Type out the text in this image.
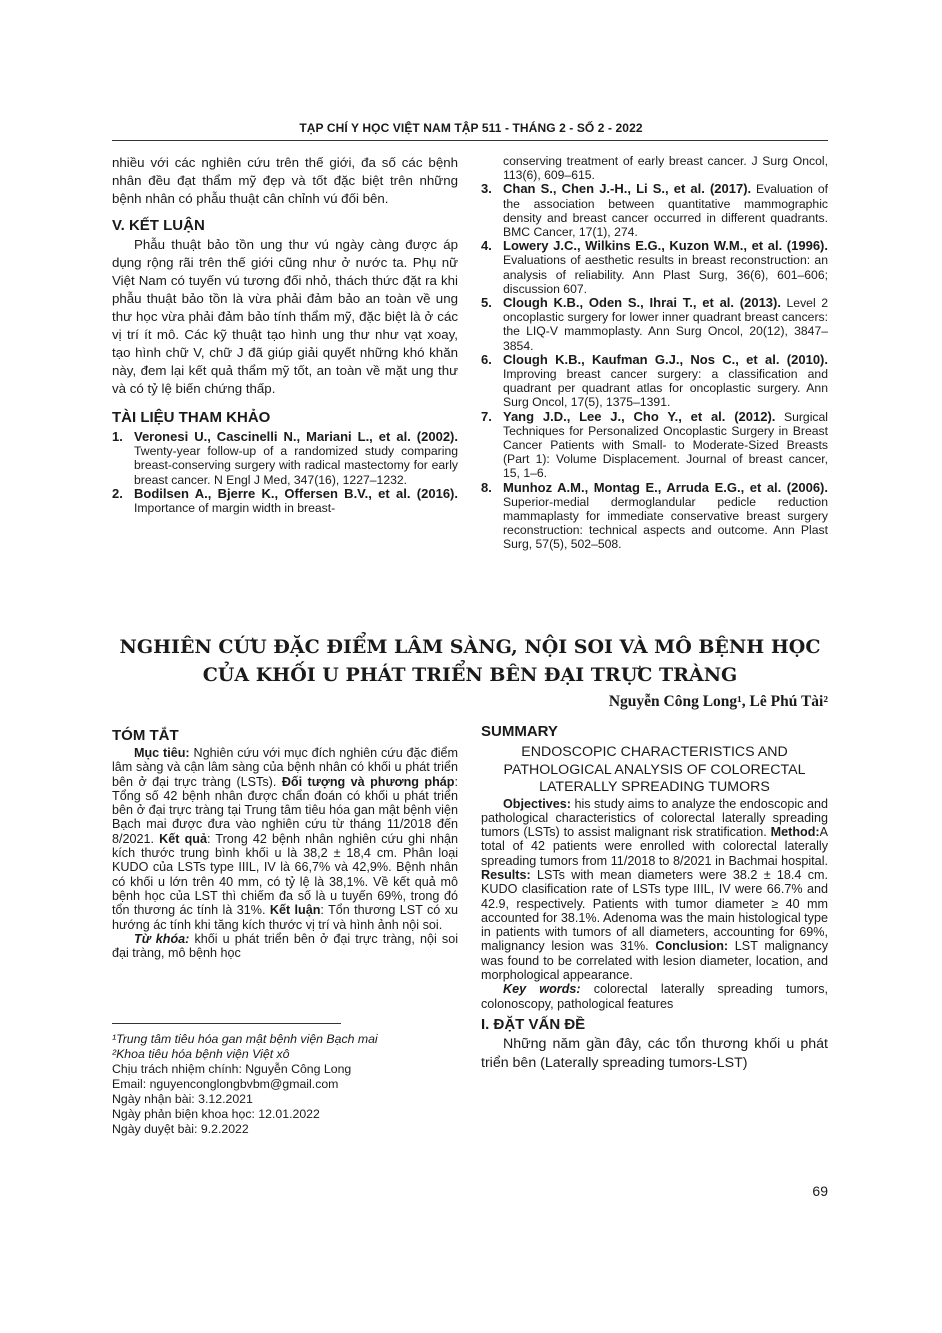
TẠP CHÍ Y HỌC VIỆT NAM TẬP 511 - THÁNG 2 - SỐ 2 - 2022

nhiều với các nghiên cứu trên thế giới, đa số các bệnh nhân đều đạt thẩm mỹ đẹp và tốt đặc biệt trên những bệnh nhân có phẫu thuật cân chỉnh vú đối bên.

V. KẾT LUẬN

Phẫu thuật bảo tồn ung thư vú ngày càng được áp dụng rộng rãi trên thế giới cũng như ở nước ta. Phụ nữ Việt Nam có tuyến vú tương đối nhỏ, thách thức đặt ra khi phẫu thuật bảo tồn là vừa phải đảm bảo an toàn về ung thư học vừa phải đảm bảo tính thẩm mỹ, đặc biệt là ở các vị trí ít mô. Các kỹ thuật tạo hình ung thư như vạt xoay, tạo hình chữ V, chữ J đã giúp giải quyết những khó khăn này, đem lại kết quả thẩm mỹ tốt, an toàn về mặt ung thư và có tỷ lệ biến chứng thấp.

TÀI LIỆU THAM KHẢO
1. Veronesi U., Cascinelli N., Mariani L., et al. (2002). Twenty-year follow-up of a randomized study comparing breast-conserving surgery with radical mastectomy for early breast cancer. N Engl J Med, 347(16), 1227–1232.
2. Bodilsen A., Bjerre K., Offersen B.V., et al. (2016). Importance of margin width in breast-
conserving treatment of early breast cancer. J Surg Oncol, 113(6), 609–615.
3. Chan S., Chen J.-H., Li S., et al. (2017). Evaluation of the association between quantitative mammographic density and breast cancer occurred in different quadrants. BMC Cancer, 17(1), 274.
4. Lowery J.C., Wilkins E.G., Kuzon W.M., et al. (1996). Evaluations of aesthetic results in breast reconstruction: an analysis of reliability. Ann Plast Surg, 36(6), 601–606; discussion 607.
5. Clough K.B., Oden S., Ihrai T., et al. (2013). Level 2 oncoplastic surgery for lower inner quadrant breast cancers: the LIQ-V mammoplasty. Ann Surg Oncol, 20(12), 3847–3854.
6. Clough K.B., Kaufman G.J., Nos C., et al. (2010). Improving breast cancer surgery: a classification and quadrant per quadrant atlas for oncoplastic surgery. Ann Surg Oncol, 17(5), 1375–1391.
7. Yang J.D., Lee J., Cho Y., et al. (2012). Surgical Techniques for Personalized Oncoplastic Surgery in Breast Cancer Patients with Small- to Moderate-Sized Breasts (Part 1): Volume Displacement. Journal of breast cancer, 15, 1–6.
8. Munhoz A.M., Montag E., Arruda E.G., et al. (2006). Superior-medial dermoglandular pedicle reduction mammaplasty for immediate conservative breast surgery reconstruction: technical aspects and outcome. Ann Plast Surg, 57(5), 502–508.
NGHIÊN CỨU ĐẶC ĐIỂM LÂM SÀNG, NỘI SOI VÀ MÔ BỆNH HỌC
CỦA KHỐI U PHÁT TRIỂN BÊN ĐẠI TRỰC TRÀNG
Nguyễn Công Long¹, Lê Phú Tài²
TÓM TẮT

Mục tiêu: Nghiên cứu với mục đích nghiên cứu đặc điểm lâm sàng và cận lâm sàng của bệnh nhân có khối u phát triển bên ở đại trực tràng (LSTs). Đối tượng và phương pháp: Tổng số 42 bệnh nhân được chẩn đoán có khối u phát triển bên ở đại trực tràng tại Trung tâm tiêu hóa gan mật bệnh viện Bạch mai được đưa vào nghiên cứu từ tháng 11/2018 đến 8/2021. Kết quả: Trong 42 bệnh nhân nghiên cứu ghi nhận kích thước trung bình khối u là 38,2 ± 18,4 cm. Phân loại KUDO của LSTs type IIIL, IV là 66,7% và 42,9%. Bệnh nhân có khối u lớn trên 40 mm, có tỷ lệ là 38,1%. Về kết quả mô bệnh học của LST thì chiếm đa số là u tuyến 69%, trong đó tổn thương ác tính là 31%. Kết luận: Tổn thương LST có xu hướng ác tính khi tăng kích thước vị trí và hình ảnh nội soi.

Từ khóa: khối u phát triển bên ở đại trực tràng, nội soi đại tràng, mô bệnh học

¹Trung tâm tiêu hóa gan mật bệnh viện Bạch mai
²Khoa tiêu hóa bệnh viện Việt xô
Chịu trách nhiệm chính: Nguyễn Công Long
Email: nguyenconglongbvbm@gmail.com
Ngày nhận bài: 3.12.2021
Ngày phản biện khoa học: 12.01.2022
Ngày duyệt bài: 9.2.2022
SUMMARY
ENDOSCOPIC CHARACTERISTICS AND PATHOLOGICAL ANALYSIS OF COLORECTAL LATERALLY SPREADING TUMORS

Objectives: his study aims to analyze the endoscopic and pathological characteristics of colorectal laterally spreading tumors (LSTs) to assist malignant risk stratification. Method:A total of 42 patients were enrolled with colorectal laterally spreading tumors from 11/2018 to 8/2021 in Bachmai hospital. Results: LSTs with mean diameters were 38.2 ± 18.4 cm. KUDO clasification rate of LSTs type IIIL, IV were 66.7% and 42.9, respectively. Patients with tumor diameter ≥ 40 mm accounted for 38.1%. Adenoma was the main histological type in patients with tumors of all diameters, accounting for 69%, malignancy lesion was 31%. Conclusion: LST malignancy was found to be correlated with lesion diameter, location, and morphological appearance.

Key words: colorectal laterally spreading tumors, colonoscopy, pathological features

I. ĐẶT VẤN ĐỀ

Những năm gần đây, các tổn thương khối u phát triển bên (Laterally spreading tumors-LST)

69
